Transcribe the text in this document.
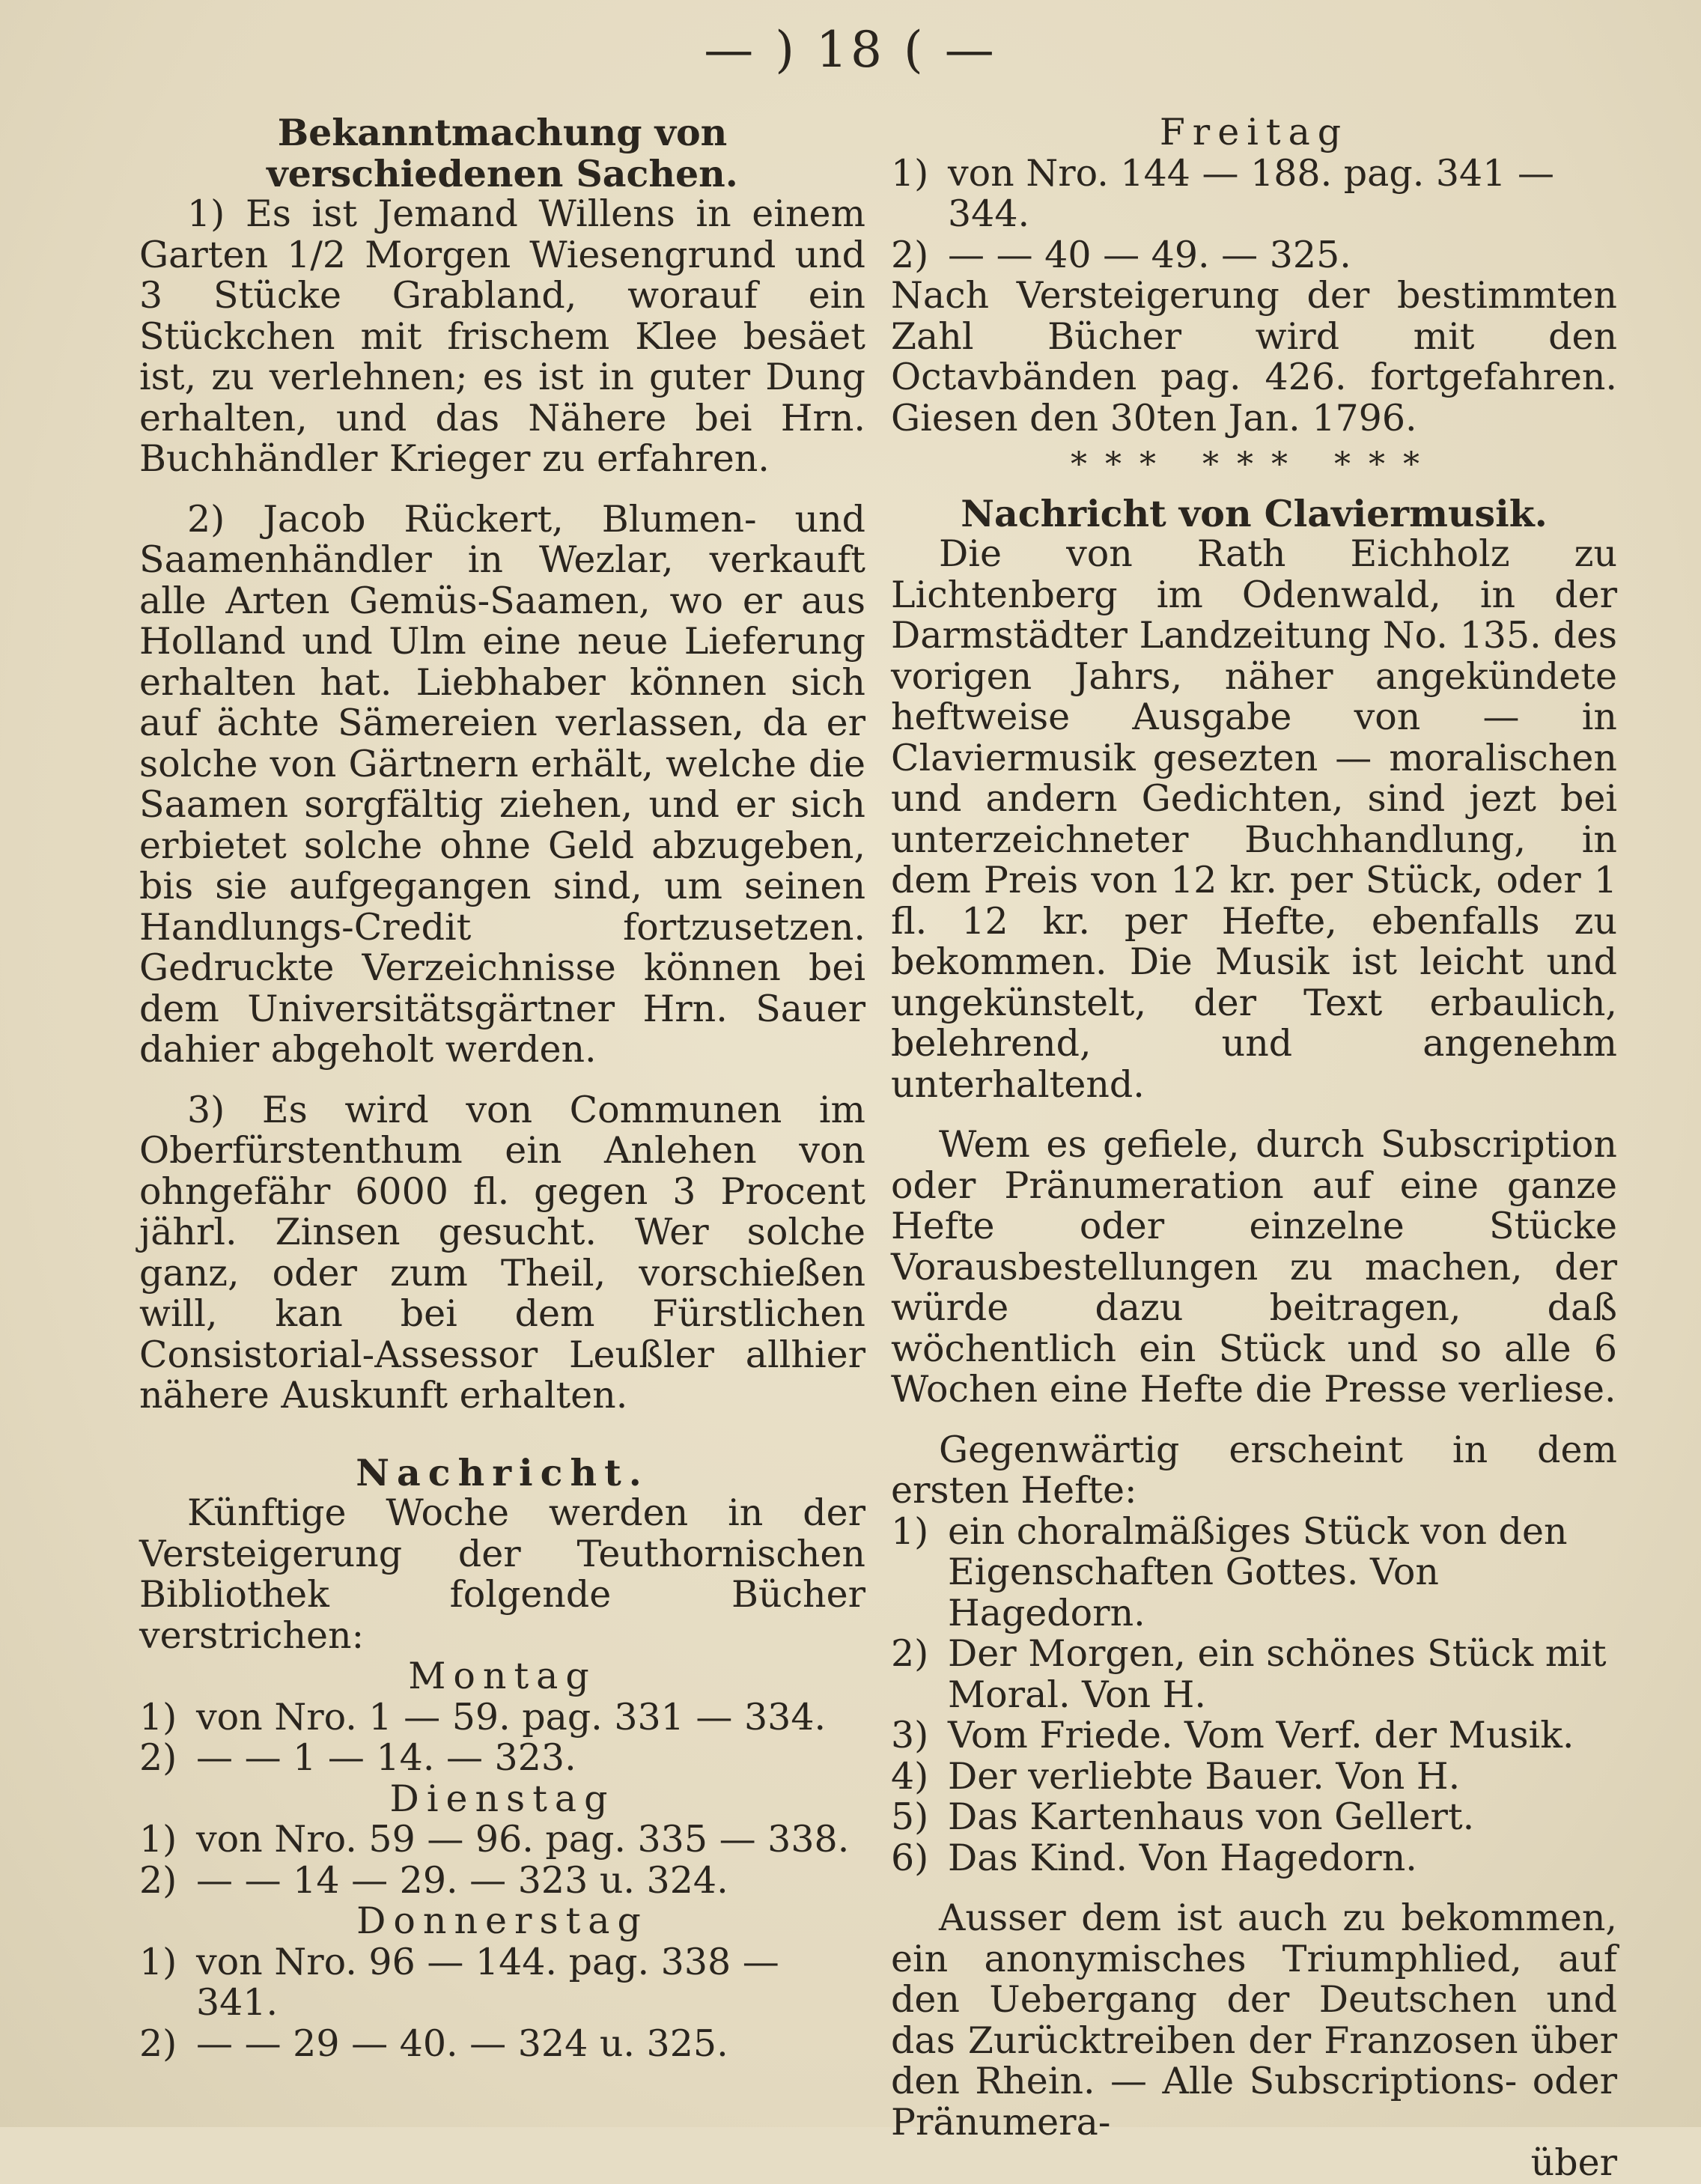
— ) 18 ( —

Bekanntmachung von verschiedenen Sachen.

1) Es ist Jemand Willens in einem Garten 1/2 Morgen Wiesengrund und 3 Stücke Grabland, worauf ein Stückchen mit frischem Klee besäet ist, zu verlehnen; es ist in guter Dung erhalten, und das Nähere bei Hrn. Buchhändler Krieger zu erfahren.

2) Jacob Rückert, Blumen- und Saamenhändler in Wezlar, verkauft alle Arten Gemüs-Saamen, wo er aus Holland und Ulm eine neue Lieferung erhalten hat. Liebhaber können sich auf ächte Sämereien verlassen, da er solche von Gärtnern erhält, welche die Saamen sorgfältig ziehen, und er sich erbietet solche ohne Geld abzugeben, bis sie aufgegangen sind, um seinen Handlungs-Credit fortzusetzen. Gedruckte Verzeichnisse können bei dem Universitätsgärtner Hrn. Sauer dahier abgeholt werden.

3) Es wird von Communen im Oberfürstenthum ein Anlehen von ohngefähr 6000 fl. gegen 3 Procent jährl. Zinsen gesucht. Wer solche ganz, oder zum Theil, vorschießen will, kan bei dem Fürstlichen Consistorial-Assessor Leußler allhier nähere Auskunft erhalten.

Nachricht.

Künftige Woche werden in der Versteigerung der Teuthornischen Bibliothek folgende Bücher verstrichen:

Montag

1) von Nro. 1 — 59. pag. 331 — 334.
2) — — 1 — 14. — 323.

Dienstag

1) von Nro. 59 — 96. pag. 335 — 338.
2) — — 14 — 29. — 323 u. 324.

Donnerstag

1) von Nro. 96 — 144. pag. 338 — 341.
2) — — 29 — 40. — 324 u. 325.

Freitag

1) von Nro. 144 — 188. pag. 341 — 344.
2) — — 40 — 49. — 325.

Nach Versteigerung der bestimmten Zahl Bücher wird mit den Octavbänden pag. 426. fortgefahren. Giesen den 30ten Jan. 1796.

*** *** ***

Nachricht von Claviermusik.

Die von Rath Eichholz zu Lichtenberg im Odenwald, in der Darmstädter Landzeitung No. 135. des vorigen Jahrs, näher angekündete heftweise Ausgabe von — in Claviermusik gesezten — moralischen und andern Gedichten, sind jezt bei unterzeichneter Buchhandlung, in dem Preis von 12 kr. per Stück, oder 1 fl. 12 kr. per Hefte, ebenfalls zu bekommen. Die Musik ist leicht und ungekünstelt, der Text erbaulich, belehrend, und angenehm unterhaltend.

Wem es gefiele, durch Subscription oder Pränumeration auf eine ganze Hefte oder einzelne Stücke Vorausbestellungen zu machen, der würde dazu beitragen, daß wöchentlich ein Stück und so alle 6 Wochen eine Hefte die Presse verliese.

Gegenwärtig erscheint in dem ersten Hefte:

1) ein choralmäßiges Stück von den Eigenschaften Gottes. Von Hagedorn.
2) Der Morgen, ein schönes Stück mit Moral. Von H.
3) Vom Friede. Vom Verf. der Musik.
4) Der verliebte Bauer. Von H.
5) Das Kartenhaus von Gellert.
6) Das Kind. Von Hagedorn.

Ausser dem ist auch zu bekommen, ein anonymisches Triumphlied, auf den Uebergang der Deutschen und das Zurücktreiben der Franzosen über den Rhein. — Alle Subscriptions- oder Pränumera-

über
